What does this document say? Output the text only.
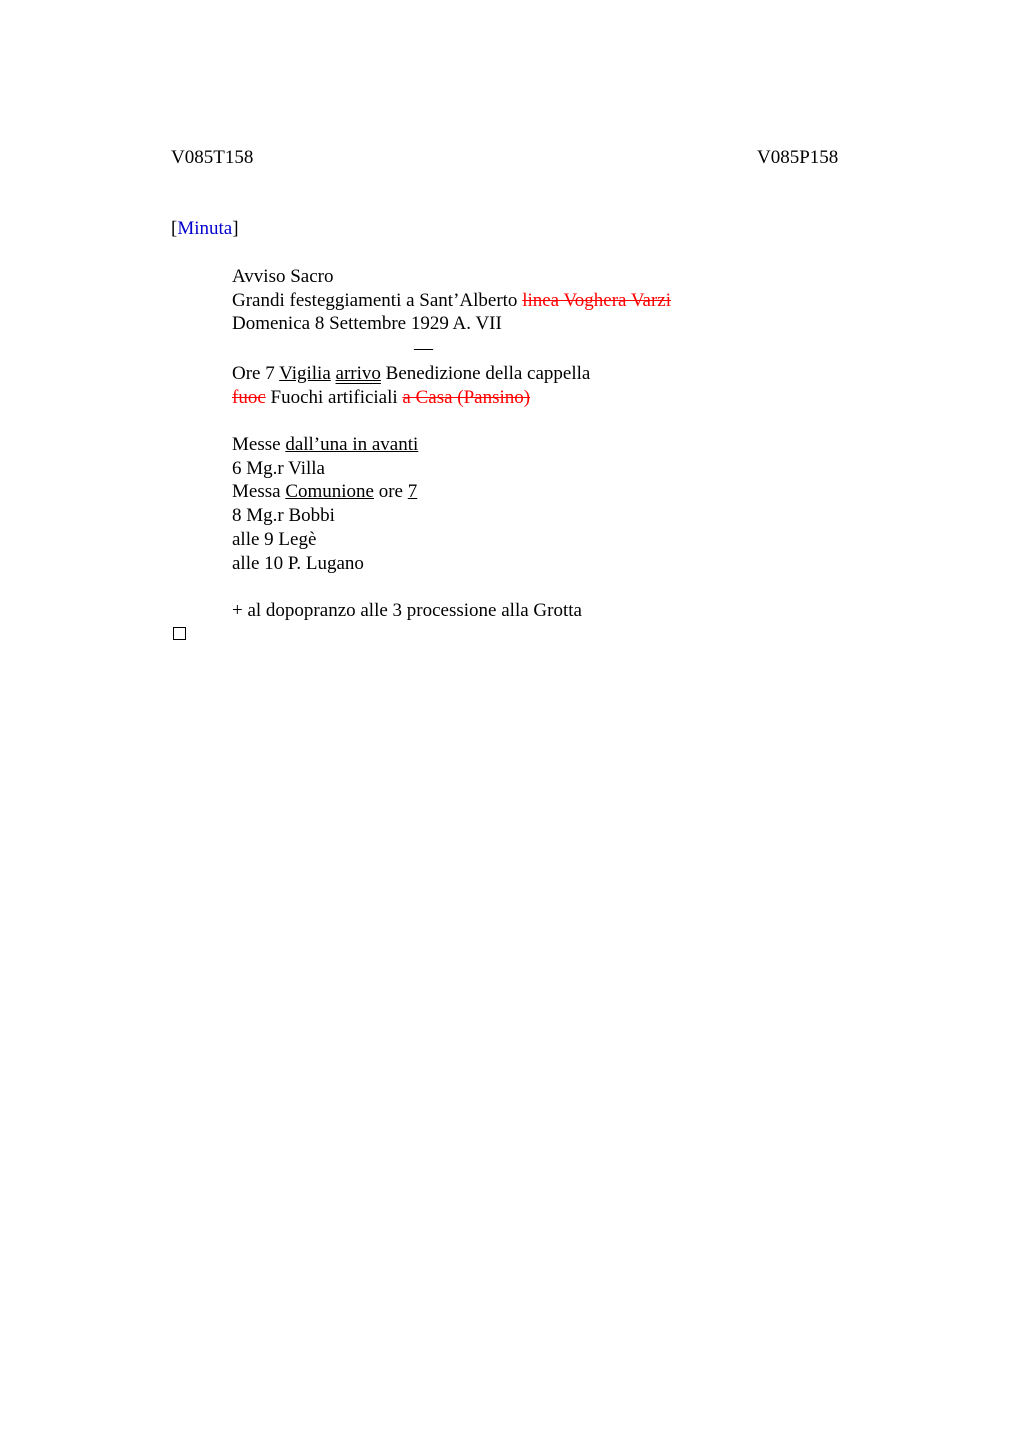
V085T158	V085P158
[Minuta]
Avviso Sacro
Grandi festeggiamenti a Sant’Alberto linea Voghera Varzi
Domenica 8 Settembre 1929 A. VII
—
Ore 7 Vigilia arrivo Benedizione della cappella
fuoc Fuochi artificiali a Casa (Pansino)
Messe dall’una in avanti
6 Mg.r Villa
Messa Comunione ore 7
8 Mg.r Bobbi
alle 9 Legè
alle 10 P. Lugano
+ al dopopranzo alle 3 processione alla Grotta
